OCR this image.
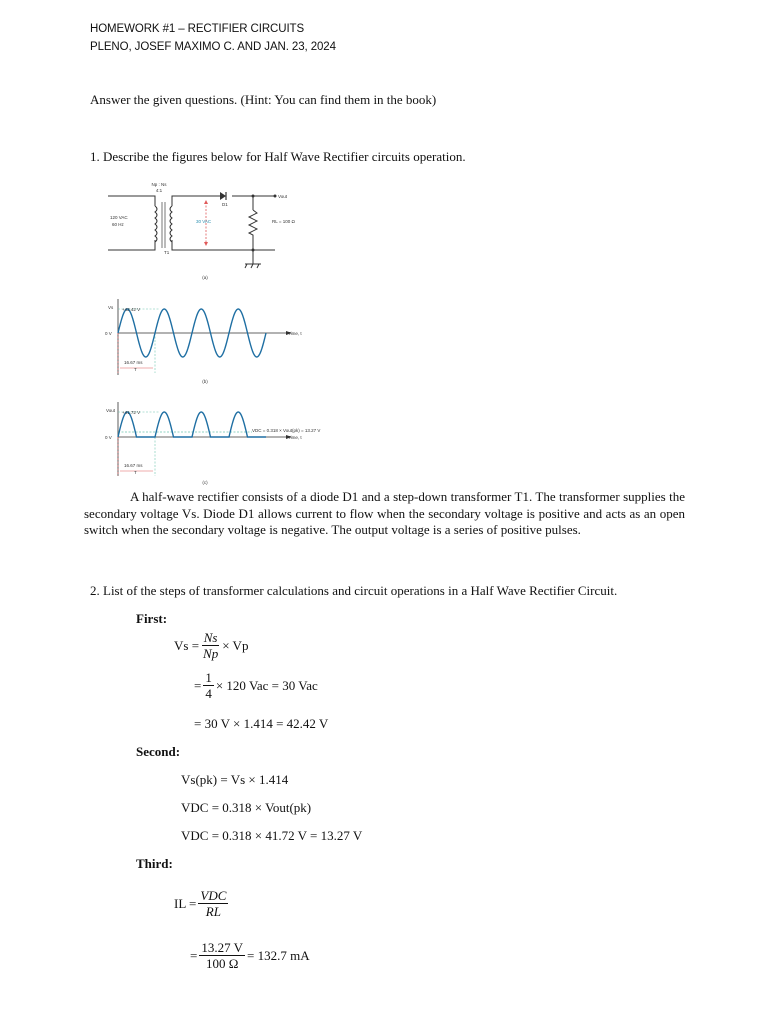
HOMEWORK #1 – RECTIFIER CIRCUITS
PLENO, JOSEF MAXIMO C. AND JAN. 23, 2024
Answer the given questions. (Hint: You can find them in the book)
1. Describe the figures below for Half Wave Rectifier circuits operation.
Np : Ns
4:1
120 VAC
60 Hz
30 VAC
D1
T1
Vout
RL = 100 Ω
(a)
Vs +42.42 V
0 V	Time, t
16.67 ms
T
(b)
Vout +41.72 V
0 V
VDC = 0.318 × Vout(pk) = 13.27 V
Time, t
16.67 ms
T
(c)
A half-wave rectifier consists of a diode D1 and a step-down transformer T1. The transformer supplies the secondary voltage Vs. Diode D1 allows current to flow when the secondary voltage is positive and acts as an open switch when the secondary voltage is negative. The output voltage is a series of positive pulses.
2. List of the steps of transformer calculations and circuit operations in a Half Wave Rectifier Circuit.
First:
$Vs = \frac{Ns}{Np} \times Vp$
= $\frac{1}{4} \times 120$ Vac = 30 Vac
= 30 V × 1.414 = 42.42 V
Second:
Vs(pk) = Vs × 1.414
VDC = 0.318 × Vout(pk)
VDC = 0.318 × 41.72 V = 13.27 V
Third:
IL = $\frac{\text{VDC}}{RL}$
= $\frac{13.27 V}{100 \Omega} = 132.7$ mA
